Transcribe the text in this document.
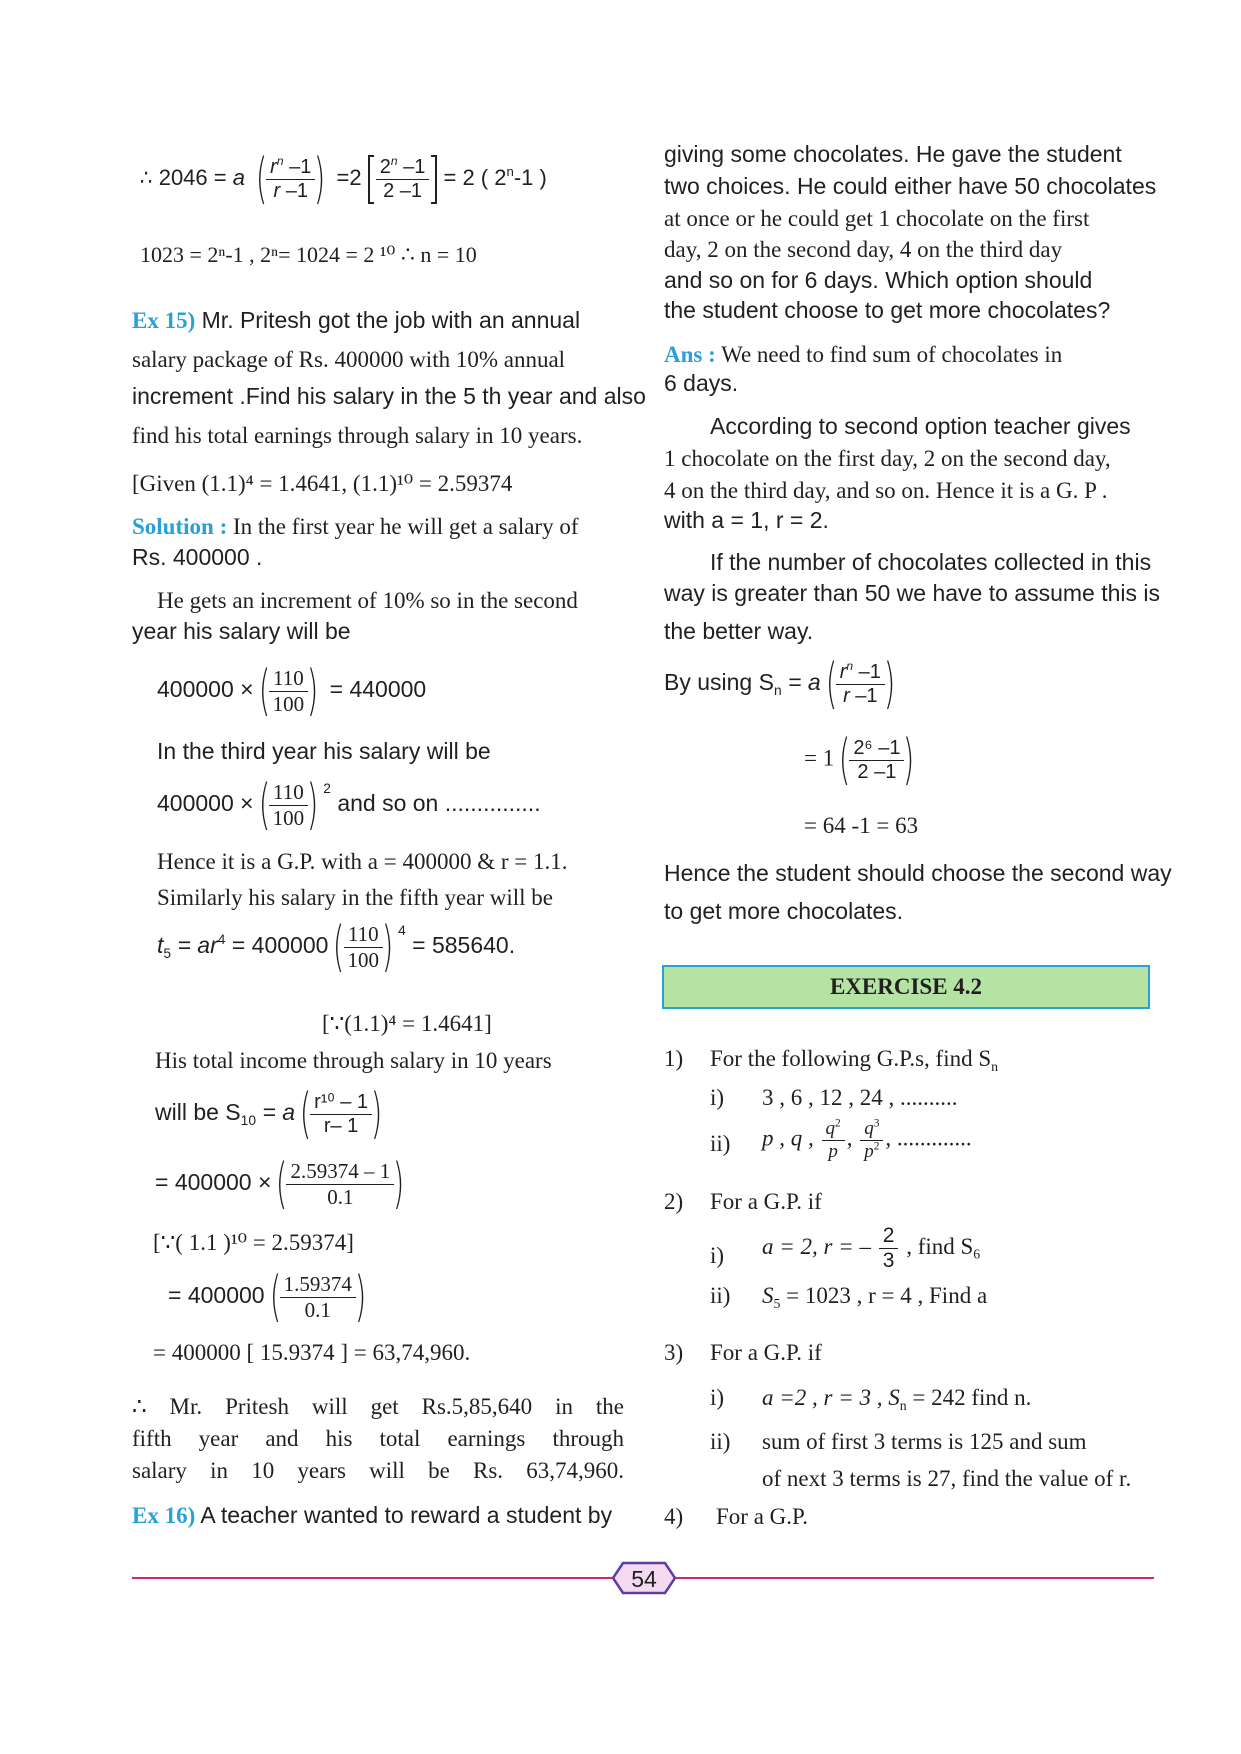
∴ 2046 = a (
$\frac{r^n -1}{r -1}$
) $=2 \frac{2^n -1}{2 -1} = 2$ ( 2$^n$-1 )
1023 = 2ⁿ-1 , 2ⁿ= 1024 = 2 ¹⁰ ∴ n = 10
Ex 15) Mr. Pritesh got the job with an annual
salary package of Rs. 400000 with 10% annual
increment .Find his salary in the 5 th year and also
find his total earnings through salary in 10 years.
[Given (1.1)⁴ = 1.4641, (1.1)¹⁰ = 2.59374
Solution : In the first year he will get a salary of
Rs. 400000 .
He gets an increment of 10% so in the second
year his salary will be
400000 ×(
$\frac{110}{100}$
) = 440000
In the third year his salary will be
400000 ×(
$\frac{110}{100}$
) $^2$ and so on ...............
Hence it is a G.P. with a = 400000 & r = 1.1.
Similarly his salary in the fifth year will be
$t_5 = ar^4 = 400000$(
$\frac{110}{100}$
) $^4$ = 585640.
[∵(1.1)⁴ = 1.4641]
His total income through salary in 10 years
will be $S_{10} = a$(
$\frac{\text{r¹⁰ – 1}}{r- 1}$
)
= 400000 ×(
$\frac{2.59374 - 1}{0.1}$
)
[∵( 1.1 )¹⁰ = 2.59374]
= 400000(
$\frac{1.59374}{0.1}$
)
= 400000 [ 15.9374 ] = 63,74,960.
∴ Mr. Pritesh will get Rs.5,85,640 in the
fifth year and his total earnings through
salary in 10 years will be Rs. 63,74,960.
Ex 16) A teacher wanted to reward a student by
giving some chocolates. He gave the student
two choices. He could either have 50 chocolates
at once or he could get 1 chocolate on the first
day, 2 on the second day, 4 on the third day
and so on for 6 days. Which option should
the student choose to get more chocolates?
Ans : We need to find sum of chocolates in
6 days.
According to second option teacher gives
1 chocolate on the first day, 2 on the second day,
4 on the third day, and so on. Hence it is a G. P .
with a = 1, r = 2.
If the number of chocolates collected in this
way is greater than 50 we have to assume this is
the better way.
By using $S_n = a$(
$\frac{r^n -1}{r -1}$
)
= 1(
$\frac{\text{2⁶ –1}}{2 -1}$
)
= 64 -1 = 63
Hence the student should choose the second way
to get more chocolates.
EXERCISE 4.2
1) For the following G.P.s, find $S_n$
i) 3 , 6 , 12 , 24 , ..........
ii) p , q , $\frac{q^2}{p}$ , $\frac{q^3}{p^2}$ , .............
2) For a G.P. if
i) a = 2, r = – $\frac{2}{3}$ , find $S_6$
ii) $S_5 = 1023$ , r = 4 , Find a
3) For a G.P. if
i) a =2 , r = 3 , $S_n = 242$ find n.
ii) sum of first 3 terms is 125 and sum
of next 3 terms is 27, find the value of r.
4) For a G.P.
54
